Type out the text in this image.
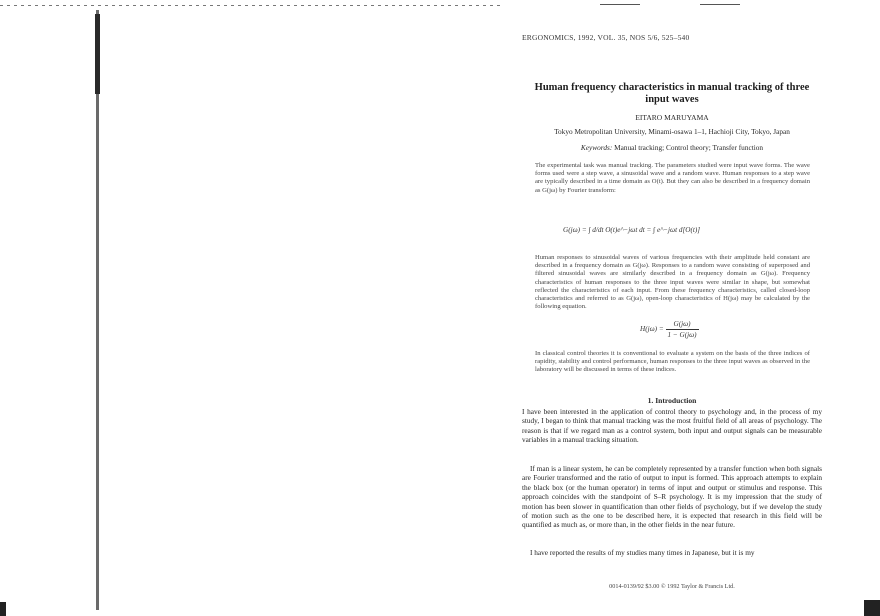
ERGONOMICS, 1992, VOL. 35, NOS 5/6, 525–540
Human frequency characteristics in manual tracking of three input waves
EITARO MARUYAMA
Tokyo Metropolitan University, Minami-osawa 1–1, Hachioji City, Tokyo, Japan
Keywords: Manual tracking; Control theory; Transfer function
The experimental task was manual tracking. The parameters studied were input wave forms. The wave forms used were a step wave, a sinusoidal wave and a random wave. Human responses to a step wave are typically described in a time domain as O(t). But they can also be described in a frequency domain as G(jω) by Fourier transform:
G(jω) = ∫ d/dt O(t)e^−jωt dt = ∫ e^−jωt d[O(t)]
Human responses to sinusoidal waves of various frequencies with their amplitude held constant are described in a frequency domain as G(jω). Responses to a random wave consisting of superposed and filtered sinusoidal waves are similarly described in a frequency domain as G(jω). Frequency characteristics of human responses to the three input waves were similar in shape, but somewhat reflected the characteristics of each input. From these frequency characteristics, called closed-loop characteristics and referred to as G(jω), open-loop characteristics of H(jω) may be calculated by the following equation.
$H(j\omega) = \frac{G(j\omega)}{1 - G(j\omega)}$
In classical control theories it is conventional to evaluate a system on the basis of the three indices of rapidity, stability and control performance, human responses to the three input waves as observed in the laboratory will be discussed in terms of these indices.
1. Introduction
I have been interested in the application of control theory to psychology and, in the process of my study, I began to think that manual tracking was the most fruitful field of all areas of psychology. The reason is that if we regard man as a control system, both input and output signals can be measurable variables in a manual tracking situation.
If man is a linear system, he can be completely represented by a transfer function when both signals are Fourier transformed and the ratio of output to input is formed. This approach attempts to explain the black box (or the human operator) in terms of input and output or stimulus and response. This approach coincides with the standpoint of S–R psychology. It is my impression that the study of motion has been slower in quantification than other fields of psychology, but if we develop the study of motion such as the one to be described here, it is expected that research in this field will be quantified as much as, or more than, in the other fields in the near future.
I have reported the results of my studies many times in Japanese, but it is my
0014-0139/92 $3.00 © 1992 Taylor & Francis Ltd.
